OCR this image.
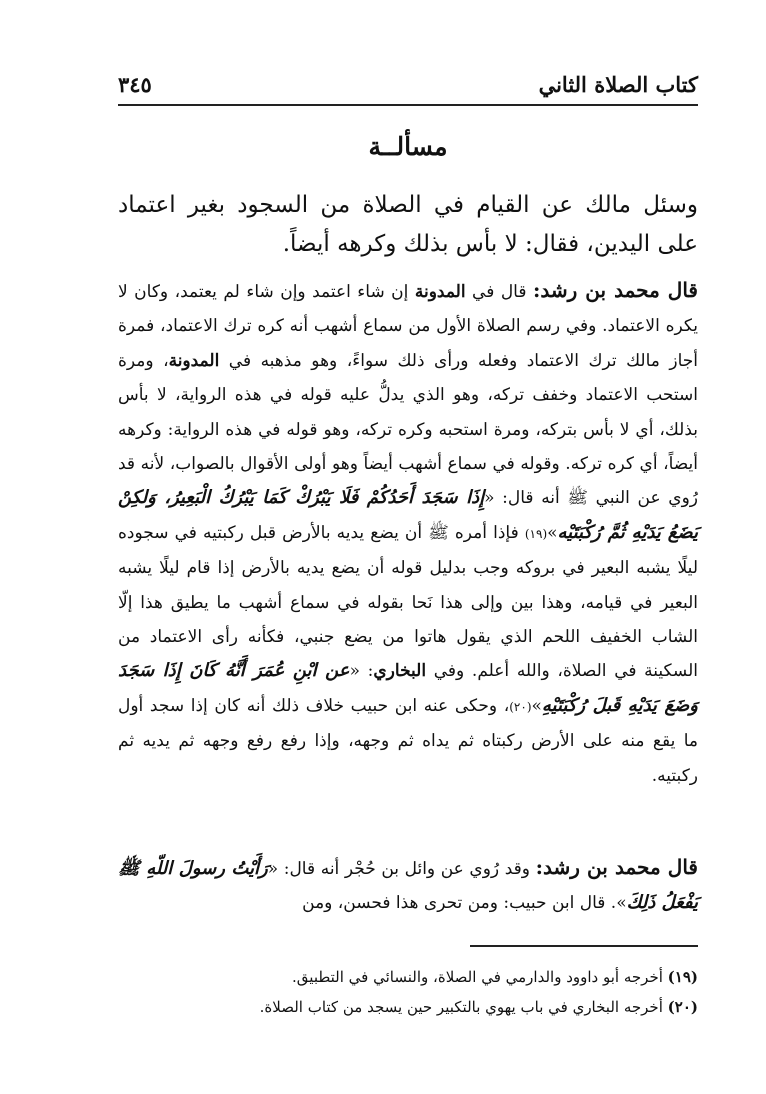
كتاب الصلاة الثاني
٣٤٥
مسألــة

وسئل مالك عن القيام في الصلاة من السجود بغير اعتماد على اليدين، فقال: لا بأس بذلك وكرهه أيضاً.

قال محمد بن رشد: قال في المدونة إن شاء اعتمد وإن شاء لم يعتمد، وكان لا يكره الاعتماد. وفي رسم الصلاة الأول من سماع أشهب أنه كره ترك الاعتماد، فمرة أجاز مالك ترك الاعتماد وفعله ورأى ذلك سواءً، وهو مذهبه في المدونة، ومرة استحب الاعتماد وخفف تركه، وهو الذي يدلُّ عليه قوله في هذه الرواية، لا بأس بذلك، أي لا بأس بتركه، ومرة استحبه وكره تركه، وهو قوله في هذه الرواية: وكرهه أيضاً، أي كره تركه. وقوله في سماع أشهب أيضاً وهو أولى الأقوال بالصواب، لأنه قد رُوي عن النبي ﷺ أنه قال: «إِذَا سَجَدَ أَحَدُكُمْ فَلَا يَبْرُكْ كَمَا يَبْرُكُ الْبَعِيرُ، وَلكِنْ يَضَعُ يَدَيْهِ ثُمَّ رُكْبَتَيْه»(١٩) فإذا أمره ﷺ أن يضع يديه بالأرض قبل ركبتيه في سجوده ليلًا يشبه البعير في بروكه وجب بدليل قوله أن يضع يديه بالأرض إذا قام ليلًا يشبه البعير في قيامه، وهذا بين وإلى هذا نَحا بقوله في سماع أشهب ما يطيق هذا إلّا الشاب الخفيف اللحم الذي يقول هاتوا من يضع جنبي، فكأنه رأى الاعتماد من السكينة في الصلاة، والله أعلم. وفي البخاري: «عن ابْنِ عُمَرَ أَنَّهُ كَانَ إِذَا سَجَدَ وَضَعَ يَدَيْهِ قَبلَ رُكْبَتَيْهِ»(٢٠)، وحكى عنه ابن حبيب خلاف ذلك أنه كان إذا سجد أول ما يقع منه على الأرض ركبتاه ثم يداه ثم وجهه، وإذا رفع رفع وجهه ثم يديه ثم ركبتيه.

قال محمد بن رشد: وقد رُوي عن وائل بن حُجْر أنه قال: «رَأَيْتُ رسولَ اللّهِ ﷺ يَفْعَلُ ذَلِكَ». قال ابن حبيب: ومن تحرى هذا فحسن، ومن

(١٩) أخرجه أبو داوود والدارمي في الصلاة، والنسائي في التطبيق.
(٢٠) أخرجه البخاري في باب يهوي بالتكبير حين يسجد من كتاب الصلاة.
